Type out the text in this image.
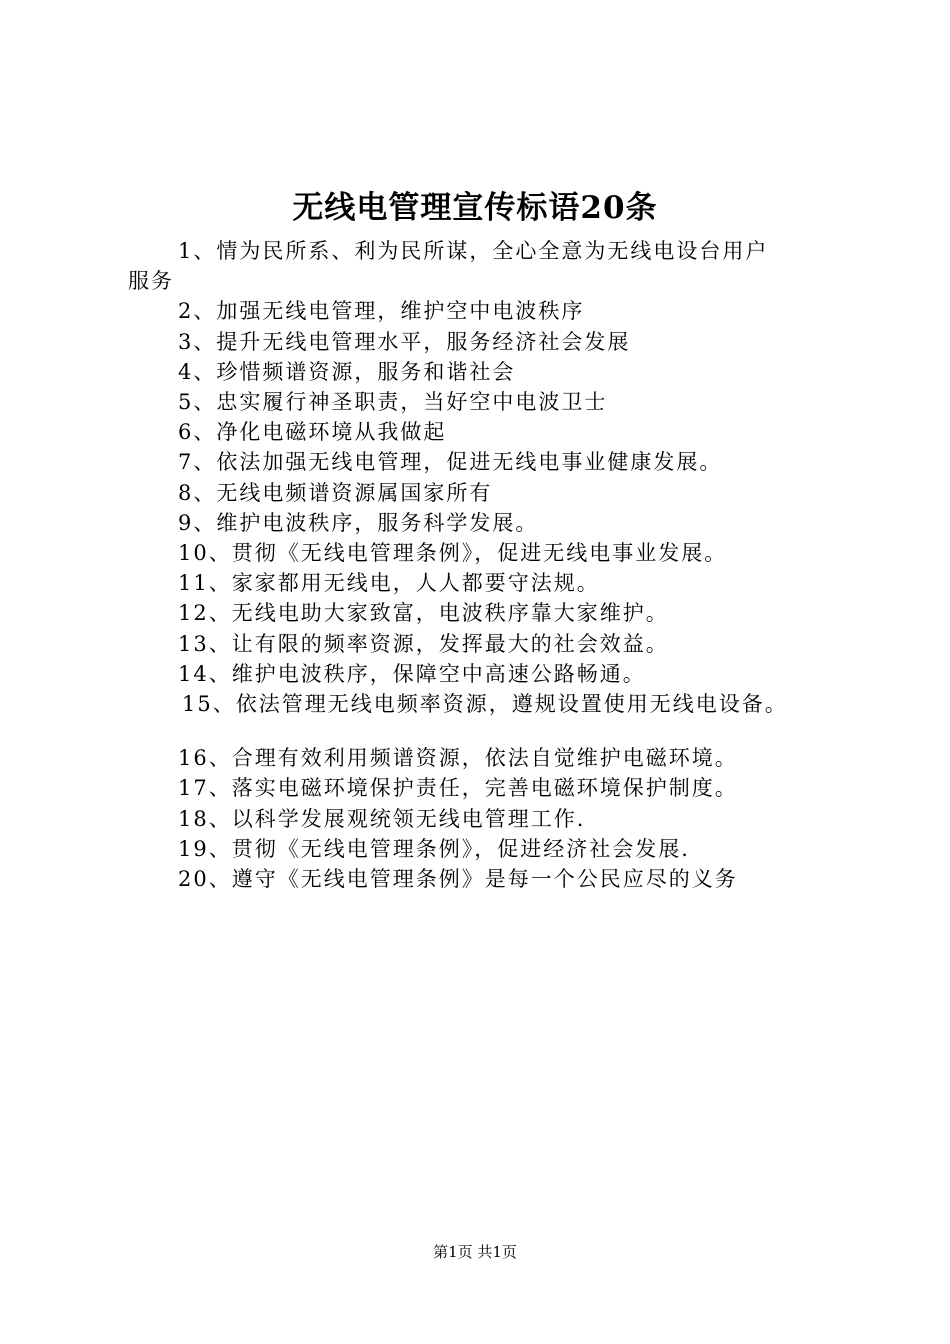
无线电管理宣传标语20条
1、情为民所系、利为民所谋，全心全意为无线电设台用户
服务
2、加强无线电管理，维护空中电波秩序
3、提升无线电管理水平，服务经济社会发展
4、珍惜频谱资源，服务和谐社会
5、忠实履行神圣职责，当好空中电波卫士
6、净化电磁环境从我做起
7、依法加强无线电管理，促进无线电事业健康发展。
8、无线电频谱资源属国家所有
9、维护电波秩序，服务科学发展。
10、贯彻《无线电管理条例》，促进无线电事业发展。
11、家家都用无线电，人人都要守法规。
12、无线电助大家致富，电波秩序靠大家维护。
13、让有限的频率资源，发挥最大的社会效益。
14、维护电波秩序，保障空中高速公路畅通。
15、依法管理无线电频率资源，遵规设置使用无线电设备。
16、合理有效利用频谱资源，依法自觉维护电磁环境。
17、落实电磁环境保护责任，完善电磁环境保护制度。
18、以科学发展观统领无线电管理工作.
19、贯彻《无线电管理条例》，促进经济社会发展.
20、遵守《无线电管理条例》是每一个公民应尽的义务
第1页 共1页
